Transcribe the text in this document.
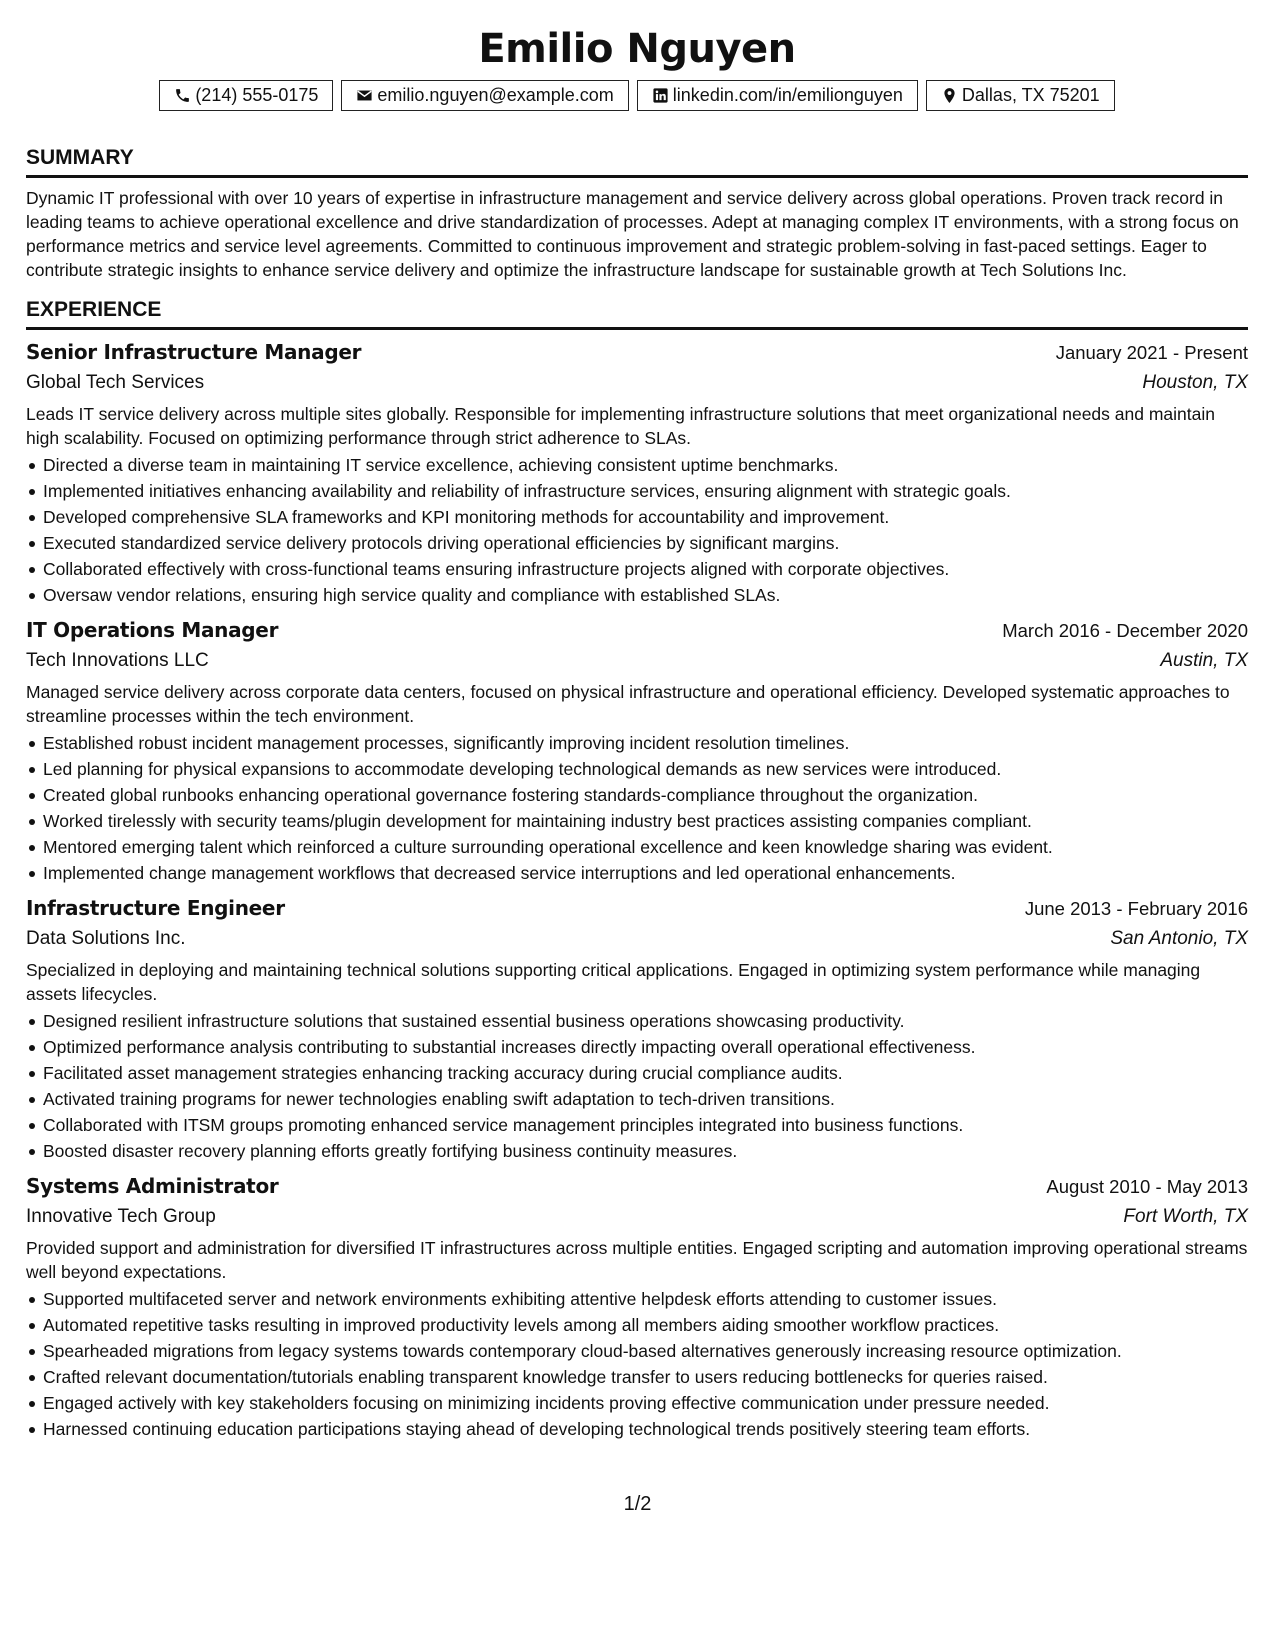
Emilio Nguyen
(214) 555-0175	emilio.nguyen@example.com	linkedin.com/in/emilionguyen	Dallas, TX 75201
SUMMARY
Dynamic IT professional with over 10 years of expertise in infrastructure management and service delivery across global operations. Proven track record in leading teams to achieve operational excellence and drive standardization of processes. Adept at managing complex IT environments, with a strong focus on performance metrics and service level agreements. Committed to continuous improvement and strategic problem-solving in fast-paced settings. Eager to contribute strategic insights to enhance service delivery and optimize the infrastructure landscape for sustainable growth at Tech Solutions Inc.
EXPERIENCE
Senior Infrastructure Manager	January 2021 - Present
Global Tech Services	Houston, TX
Leads IT service delivery across multiple sites globally. Responsible for implementing infrastructure solutions that meet organizational needs and maintain high scalability. Focused on optimizing performance through strict adherence to SLAs.
Directed a diverse team in maintaining IT service excellence, achieving consistent uptime benchmarks.
Implemented initiatives enhancing availability and reliability of infrastructure services, ensuring alignment with strategic goals.
Developed comprehensive SLA frameworks and KPI monitoring methods for accountability and improvement.
Executed standardized service delivery protocols driving operational efficiencies by significant margins.
Collaborated effectively with cross-functional teams ensuring infrastructure projects aligned with corporate objectives.
Oversaw vendor relations, ensuring high service quality and compliance with established SLAs.
IT Operations Manager	March 2016 - December 2020
Tech Innovations LLC	Austin, TX
Managed service delivery across corporate data centers, focused on physical infrastructure and operational efficiency. Developed systematic approaches to streamline processes within the tech environment.
Established robust incident management processes, significantly improving incident resolution timelines.
Led planning for physical expansions to accommodate developing technological demands as new services were introduced.
Created global runbooks enhancing operational governance fostering standards-compliance throughout the organization.
Worked tirelessly with security teams/plugin development for maintaining industry best practices assisting companies compliant.
Mentored emerging talent which reinforced a culture surrounding operational excellence and keen knowledge sharing was evident.
Implemented change management workflows that decreased service interruptions and led operational enhancements.
Infrastructure Engineer	June 2013 - February 2016
Data Solutions Inc.	San Antonio, TX
Specialized in deploying and maintaining technical solutions supporting critical applications. Engaged in optimizing system performance while managing assets lifecycles.
Designed resilient infrastructure solutions that sustained essential business operations showcasing productivity.
Optimized performance analysis contributing to substantial increases directly impacting overall operational effectiveness.
Facilitated asset management strategies enhancing tracking accuracy during crucial compliance audits.
Activated training programs for newer technologies enabling swift adaptation to tech-driven transitions.
Collaborated with ITSM groups promoting enhanced service management principles integrated into business functions.
Boosted disaster recovery planning efforts greatly fortifying business continuity measures.
Systems Administrator	August 2010 - May 2013
Innovative Tech Group	Fort Worth, TX
Provided support and administration for diversified IT infrastructures across multiple entities. Engaged scripting and automation improving operational streams well beyond expectations.
Supported multifaceted server and network environments exhibiting attentive helpdesk efforts attending to customer issues.
Automated repetitive tasks resulting in improved productivity levels among all members aiding smoother workflow practices.
Spearheaded migrations from legacy systems towards contemporary cloud-based alternatives generously increasing resource optimization.
Crafted relevant documentation/tutorials enabling transparent knowledge transfer to users reducing bottlenecks for queries raised.
Engaged actively with key stakeholders focusing on minimizing incidents proving effective communication under pressure needed.
Harnessed continuing education participations staying ahead of developing technological trends positively steering team efforts.
1/2
